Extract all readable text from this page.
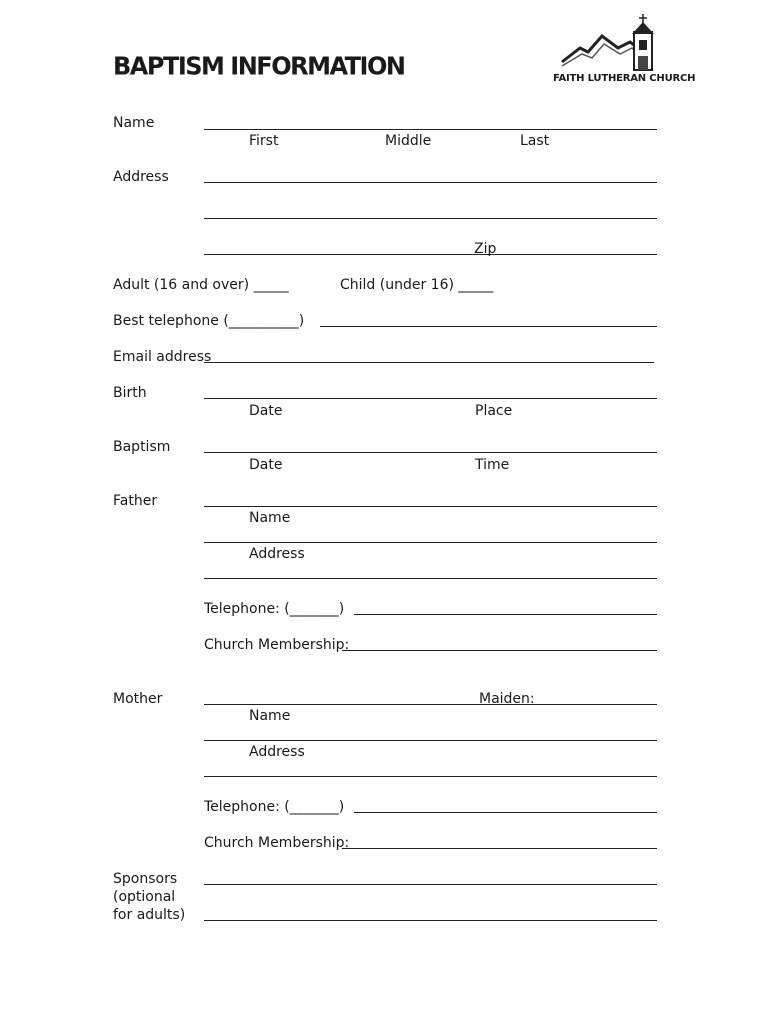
BAPTISM INFORMATION	FAITH LUTHERAN CHURCH
Name
First	Middle	Last
Address
Zip
Adult (16 and over) _____	Child (under 16) _____
Best telephone (__________)
Email address
Birth
Date	Place
Baptism
Date	Time
Father
Name
Address
Telephone: (_______)
Church Membership:
Mother	Maiden:
Name
Address
Telephone: (_______)
Church Membership:
Sponsors
(optional
for adults)
